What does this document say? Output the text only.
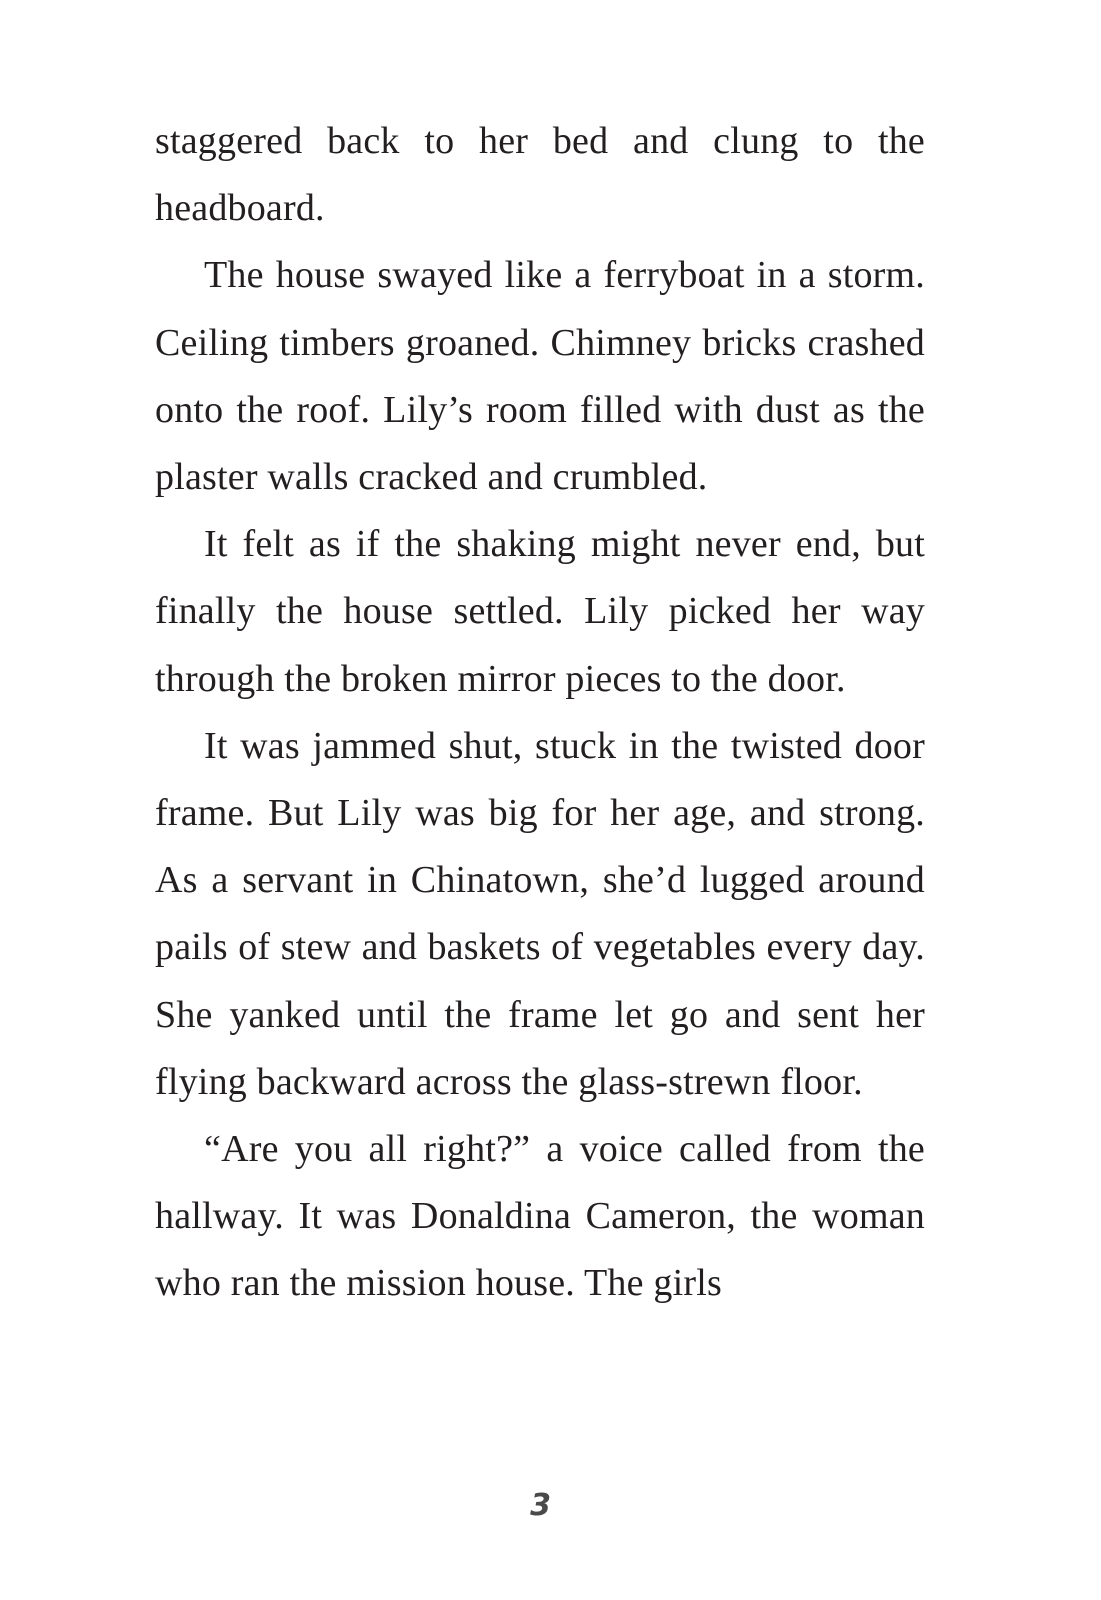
staggered back to her bed and clung to the headboard.

The house swayed like a ferryboat in a storm. Ceiling timbers groaned. Chimney bricks crashed onto the roof. Lily’s room filled with dust as the plaster walls cracked and crumbled.

It felt as if the shaking might never end, but finally the house settled. Lily picked her way through the broken mirror pieces to the door.

It was jammed shut, stuck in the twisted door frame. But Lily was big for her age, and strong. As a servant in Chinatown, she’d lugged around pails of stew and baskets of vegetables every day. She yanked until the frame let go and sent her flying backward across the glass-strewn floor.

“Are you all right?” a voice called from the hallway. It was Donaldina Cameron, the woman who ran the mission house. The girls

3
